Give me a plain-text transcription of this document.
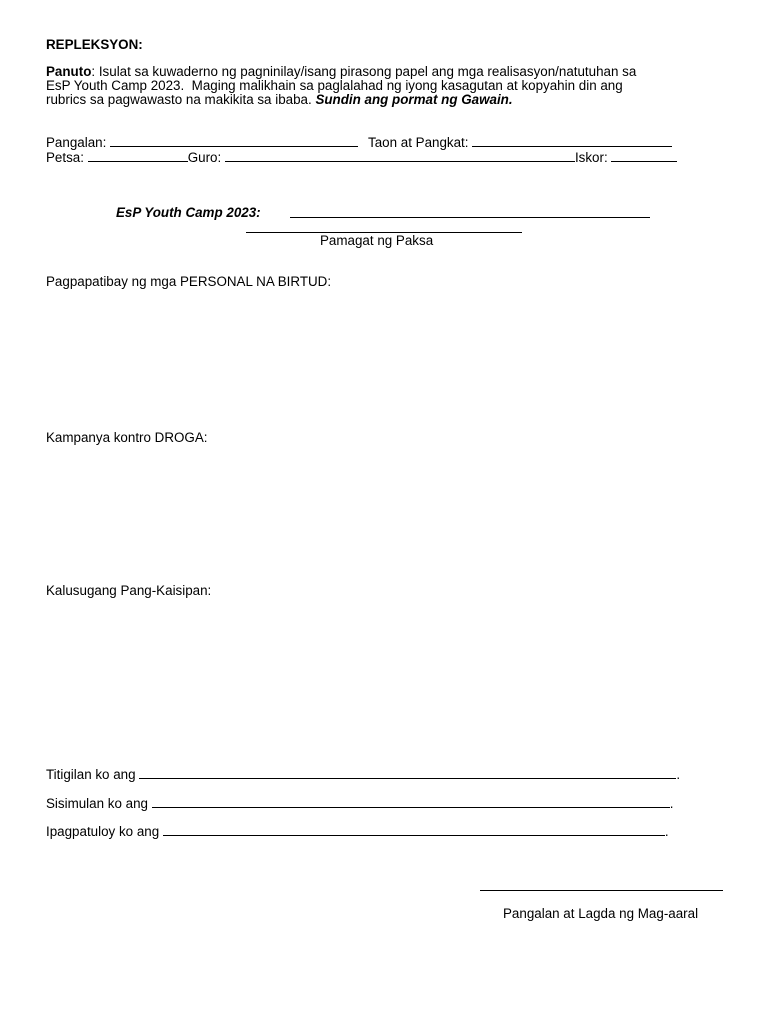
REPLEKSYON:
Panuto: Isulat sa kuwaderno ng pagninilay/isang pirasong papel ang mga realisasyon/natutuhan sa
EsP Youth Camp 2023.  Maging malikhain sa paglalahad ng iyong kasagutan at kopyahin din ang
rubrics sa pagwawasto na makikita sa ibaba. Sundin ang pormat ng Gawain.
Pangalan:	Taon at Pangkat:
Petsa:	Guro:	Iskor:
EsP Youth Camp 2023:
Pamagat ng Paksa
Pagpapatibay ng mga PERSONAL NA BIRTUD:
Kampanya kontro DROGA:
Kalusugang Pang-Kaisipan:
Titigilan ko ang	.
Sisimulan ko ang	.
Ipagpatuloy ko ang	.
Pangalan at Lagda ng Mag-aaral
